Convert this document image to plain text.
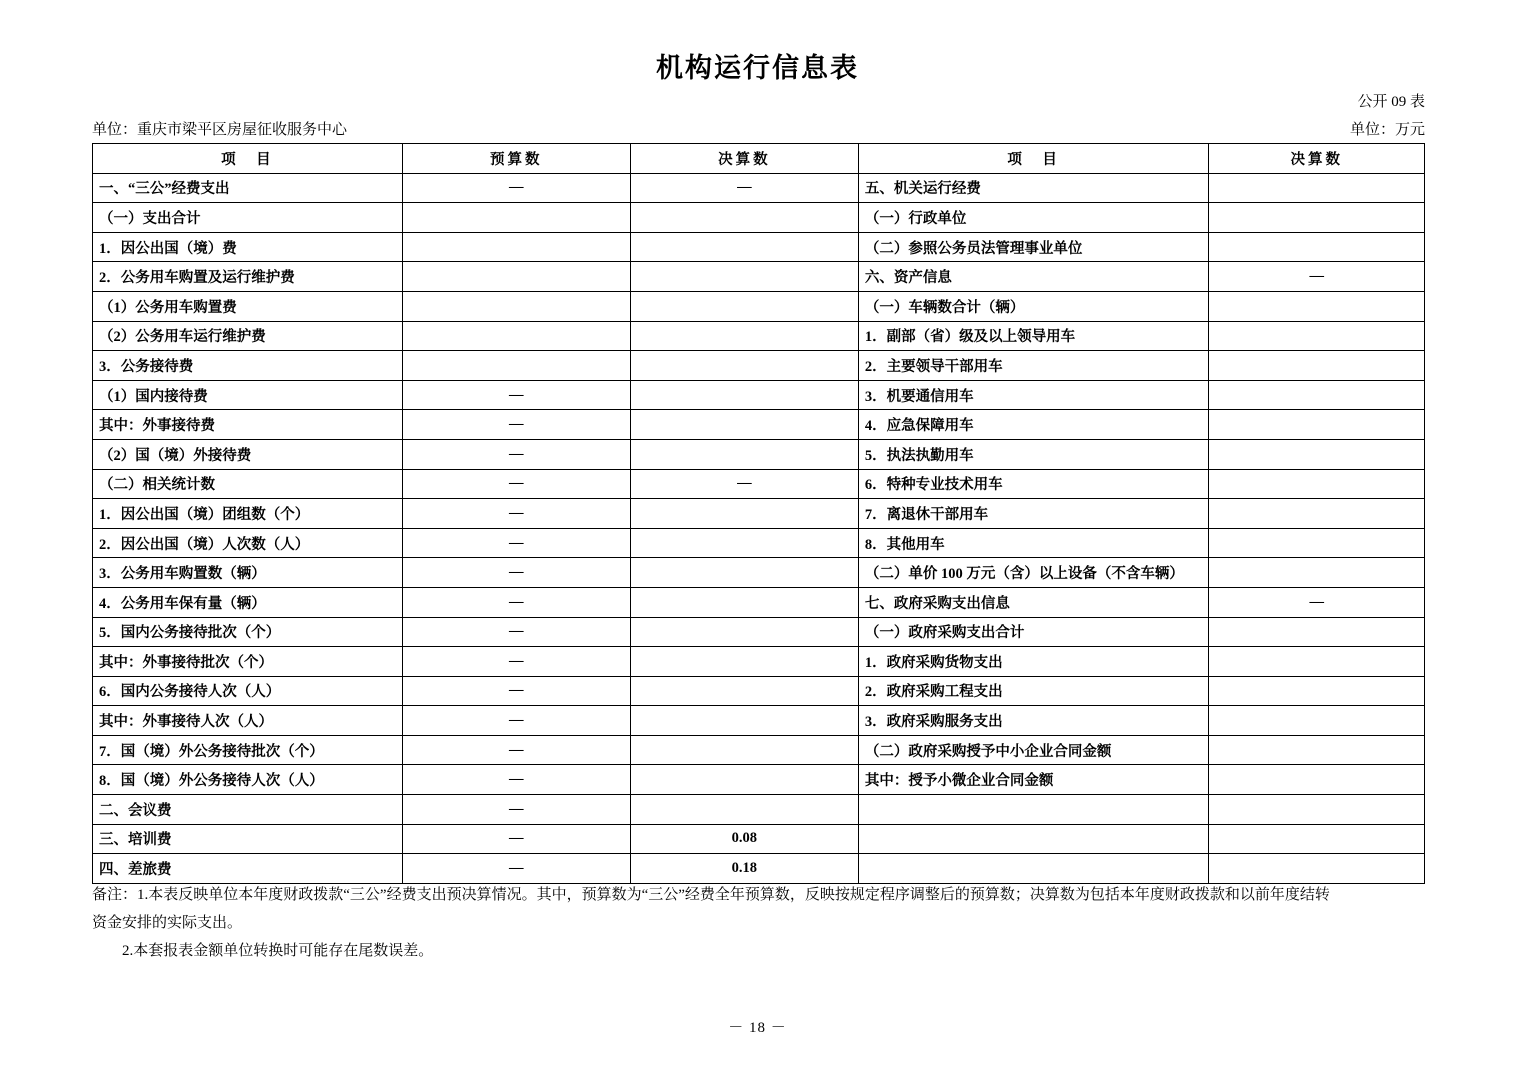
机构运行信息表
公开 09 表
单位：重庆市梁平区房屋征收服务中心	单位：万元
项　目	预算数	决算数	项　目	决算数
一、“三公”经费支出	—	—	五、机关运行经费	
（一）支出合计			（一）行政单位	
1．因公出国（境）费			（二）参照公务员法管理事业单位	
2．公务用车购置及运行维护费			六、资产信息	—
（1）公务用车购置费			（一）车辆数合计（辆）	
（2）公务用车运行维护费			1．副部（省）级及以上领导用车	
3．公务接待费			2．主要领导干部用车	
（1）国内接待费	—		3．机要通信用车	
其中：外事接待费	—		4．应急保障用车	
（2）国（境）外接待费	—		5．执法执勤用车	
（二）相关统计数	—	—	6．特种专业技术用车	
1．因公出国（境）团组数（个）	—		7．离退休干部用车	
2．因公出国（境）人次数（人）	—		8．其他用车	
3．公务用车购置数（辆）	—		（二）单价 100 万元（含）以上设备（不含车辆）	
4．公务用车保有量（辆）	—		七、政府采购支出信息	—
5．国内公务接待批次（个）	—		（一）政府采购支出合计	
其中：外事接待批次（个）	—		1．政府采购货物支出	
6．国内公务接待人次（人）	—		2．政府采购工程支出	
其中：外事接待人次（人）	—		3．政府采购服务支出	
7．国（境）外公务接待批次（个）	—		（二）政府采购授予中小企业合同金额	
8．国（境）外公务接待人次（人）	—		其中：授予小微企业合同金额	
二、会议费	—			
三、培训费	—	0.08		
四、差旅费	—	0.18		

备注：1.本表反映单位本年度财政拨款“三公”经费支出预决算情况。其中，预算数为“三公”经费全年预算数，反映按规定程序调整后的预算数；决算数为包括本年度财政拨款和以前年度结转

资金安排的实际支出。

2.本套报表金额单位转换时可能存在尾数误差。

－ 18 －
